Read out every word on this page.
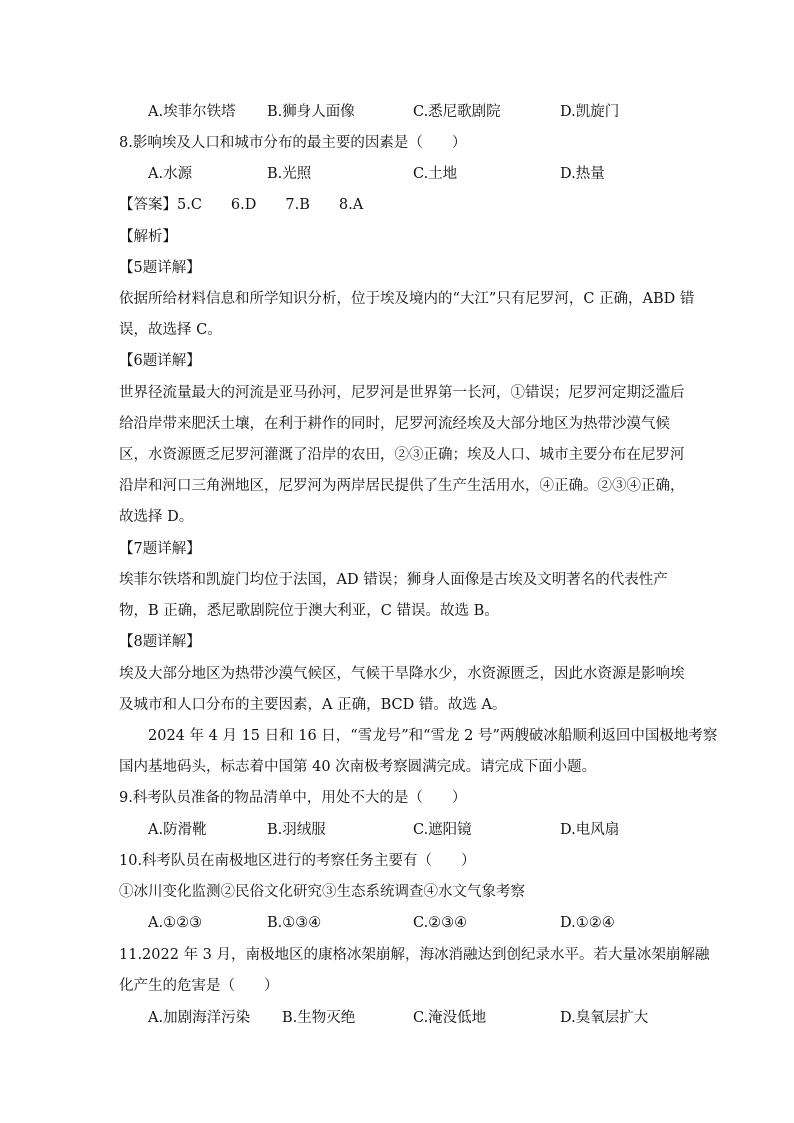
A.埃菲尔铁塔 B.狮身人面像	C.悉尼歌剧院	D.凯旋门
8.影响埃及人口和城市分布的最主要的因素是（　　）
A.水源	B.光照	C.土地	D.热量
【答案】5.C　　6.D　　7.B　　8.A
【解析】
【5题详解】
依据所给材料信息和所学知识分析，位于埃及境内的“大江”只有尼罗河，C 正确，ABD 错
误，故选择 C。
【6题详解】
世界径流量最大的河流是亚马孙河，尼罗河是世界第一长河，①错误；尼罗河定期泛滥后
给沿岸带来肥沃土壤，在利于耕作的同时，尼罗河流经埃及大部分地区为热带沙漠气候
区，水资源匮乏尼罗河灌溉了沿岸的农田，②③正确；埃及人口、城市主要分布在尼罗河
沿岸和河口三角洲地区，尼罗河为两岸居民提供了生产生活用水，④正确。②③④正确，
故选择 D。
【7题详解】
埃菲尔铁塔和凯旋门均位于法国，AD 错误；狮身人面像是古埃及文明著名的代表性产
物，B 正确，悉尼歌剧院位于澳大利亚，C 错误。故选 B。
【8题详解】
埃及大部分地区为热带沙漠气候区，气候干旱降水少，水资源匮乏，因此水资源是影响埃
及城市和人口分布的主要因素，A 正确，BCD 错。故选 A。
2024 年 4 月 15 日和 16 日，“雪龙号”和“雪龙 2 号”两艘破冰船顺利返回中国极地考察
国内基地码头，标志着中国第 40 次南极考察圆满完成。请完成下面小题。
9.科考队员准备的物品清单中，用处不大的是（　　）
A.防滑靴	B.羽绒服	C.遮阳镜	D.电风扇
10.科考队员在南极地区进行的考察任务主要有（　　）
①冰川变化监测②民俗文化研究③生态系统调查④水文气象考察
A.①②③	B.①③④	C.②③④	D.①②④
11.2022 年 3 月，南极地区的康格冰架崩解，海冰消融达到创纪录水平。若大量冰架崩解融
化产生的危害是（　　）
A.加剧海洋污染 B.生物灭绝	C.淹没低地	D.臭氧层扩大
